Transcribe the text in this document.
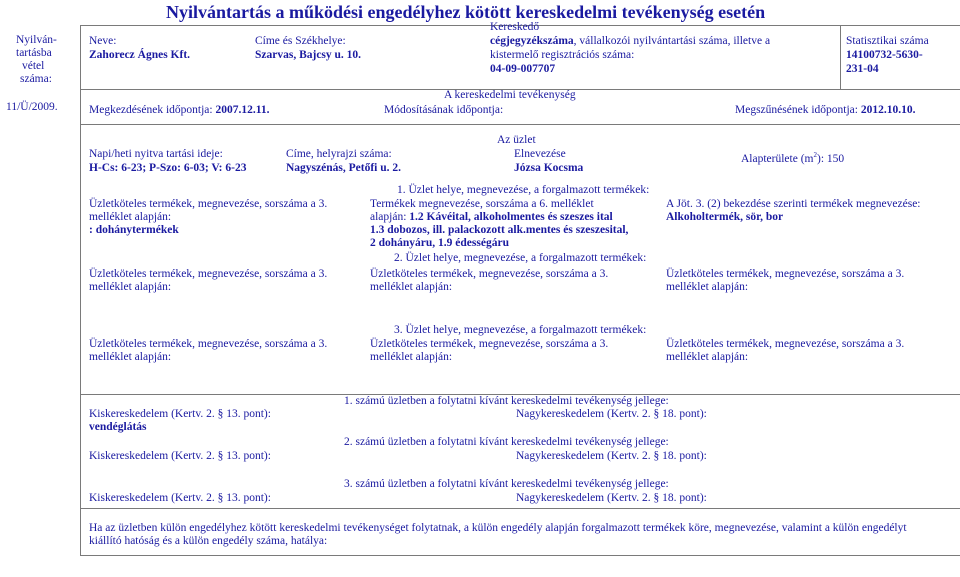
Nyilvántartás a működési engedélyhez kötött kereskedelmi tevékenység esetén
Nyilván-
tartásba
vétel
száma:
11/Ü/2009.
Neve:
Zahorecz Ágnes Kft.
Címe és Székhelye:
Szarvas, Bajcsy u. 10.
Kereskedő
cégjegyzékszáma, vállalkozói nyilvántartási száma, illetve a
kistermelő regisztrációs száma:
04-09-007707
Statisztikai száma
14100732-5630-
231-04
A kereskedelmi tevékenység
Megkezdésének időpontja: 2007.12.11.	Módosításának időpontja:	Megszűnésének időpontja: 2012.10.10.
Az üzlet
Napi/heti nyitva tartási ideje:
H-Cs: 6-23; P-Szo: 6-03; V: 6-23
Címe, helyrajzi száma:
Nagyszénás, Petőfi u. 2.
Elnevezése
Józsa Kocsma
Alapterülete $(m^2)$: 150
1. Üzlet helye, megnevezése, a forgalmazott termékek:
Üzletköteles termékek, megnevezése, sorszáma a 3.
melléklet alapján:
: dohánytermékek
Termékek megnevezése, sorszáma a 6. melléklet
alapján: 1.2 Kávéital, alkoholmentes és szeszes ital
1.3 dobozos, ill. palackozott alk.mentes és szeszesital,
2 dohányáru, 1.9 édességáru
A Jöt. 3. (2) bekezdése szerinti termékek megnevezése:
Alkoholtermék, sör, bor
2. Üzlet helye, megnevezése, a forgalmazott termékek:
Üzletköteles termékek, megnevezése, sorszáma a 3.
melléklet alapján:
Üzletköteles termékek, megnevezése, sorszáma a 3.
melléklet alapján:
Üzletköteles termékek, megnevezése, sorszáma a 3.
melléklet alapján:
3. Üzlet helye, megnevezése, a forgalmazott termékek:
Üzletköteles termékek, megnevezése, sorszáma a 3.
melléklet alapján:
Üzletköteles termékek, megnevezése, sorszáma a 3.
melléklet alapján:
Üzletköteles termékek, megnevezése, sorszáma a 3.
melléklet alapján:
1. számú üzletben a folytatni kívánt kereskedelmi tevékenység jellege:
Kiskereskedelem (Kertv. 2. § 13. pont):
vendéglátás
Nagykereskedelem (Kertv. 2. § 18. pont):
2. számú üzletben a folytatni kívánt kereskedelmi tevékenység jellege:
Kiskereskedelem (Kertv. 2. § 13. pont):	Nagykereskedelem (Kertv. 2. § 18. pont):
3. számú üzletben a folytatni kívánt kereskedelmi tevékenység jellege:
Kiskereskedelem (Kertv. 2. § 13. pont):	Nagykereskedelem (Kertv. 2. § 18. pont):
Ha az üzletben külön engedélyhez kötött kereskedelmi tevékenységet folytatnak, a külön engedély alapján forgalmazott termékek köre, megnevezése, valamint a külön engedélyt
kiállító hatóság és a külön engedély száma, hatálya:
